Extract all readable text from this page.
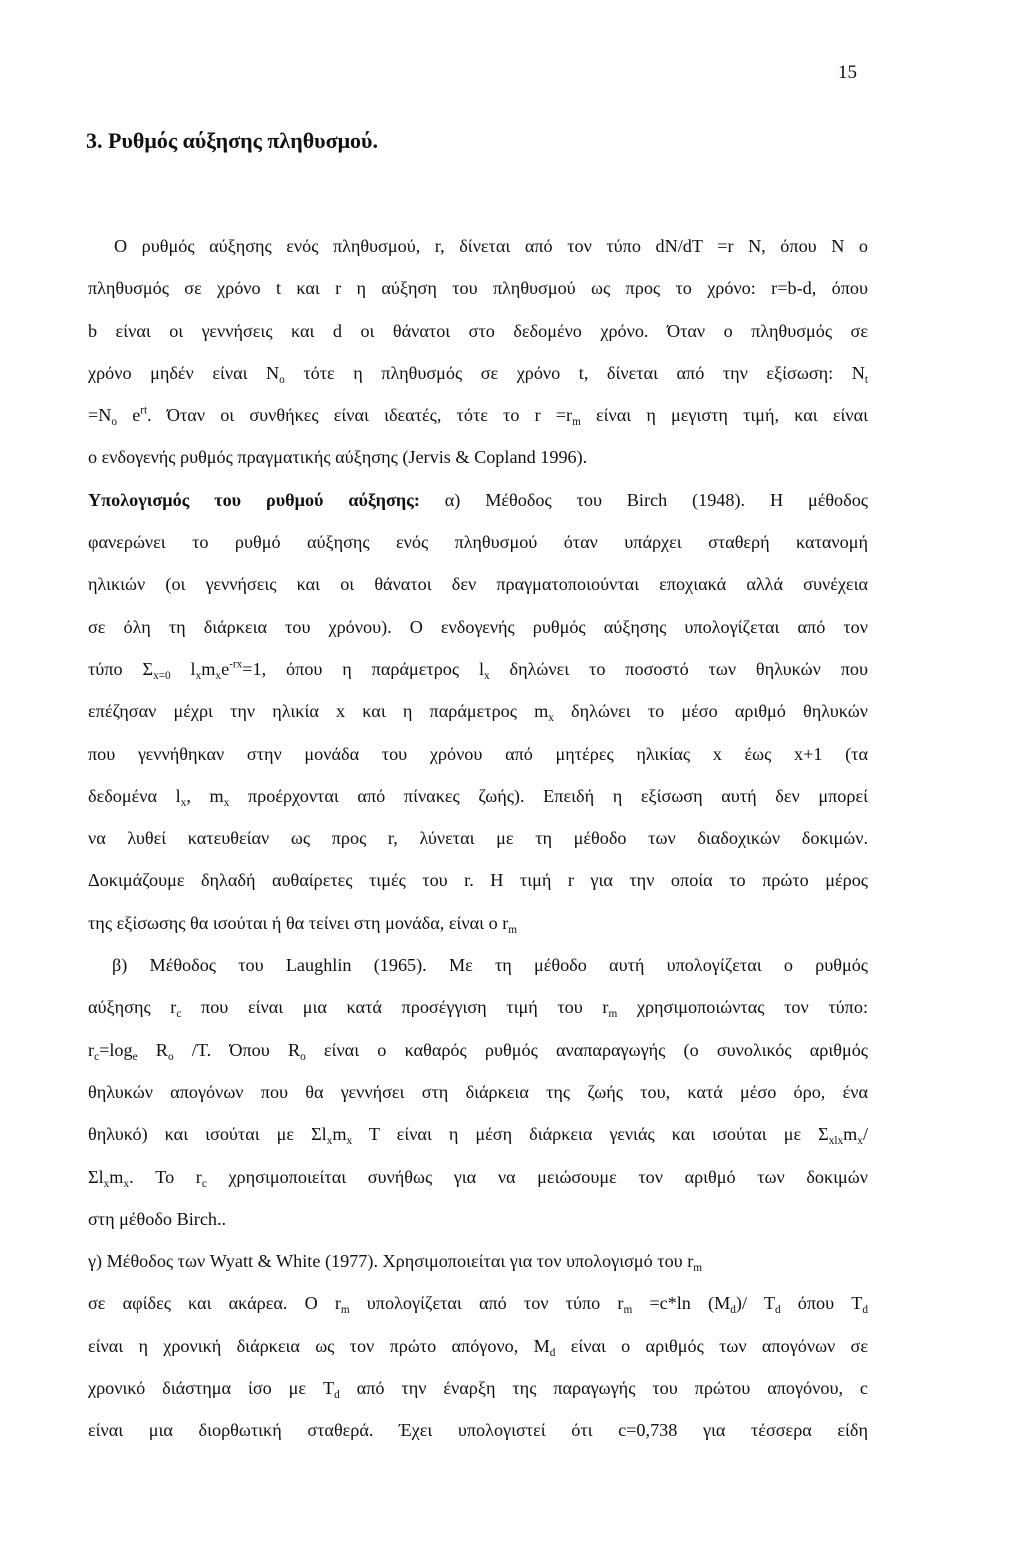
15
3. Ρυθμός αύξησης πληθυσμού.
Ο ρυθμός αύξησης ενός πληθυσμού, r, δίνεται από τον τύπο dN/dT =r N, όπου N ο
πληθυσμός σε χρόνο t και r η αύξηση του πληθυσμού ως προς το χρόνο: r=b-d, όπου
b είναι οι γεννήσεις και d οι θάνατοι στο δεδομένο χρόνο. Όταν ο πληθυσμός σε
χρόνο μηδέν είναι $N_o$ τότε η πληθυσμός σε χρόνο t, δίνεται από την εξίσωση: $N_t$
$=N_o$ $e^{rt}$. Όταν οι συνθήκες είναι ιδεατές, τότε το $r =r_m$ είναι η μεγιστη τιμή, και είναι
ο ενδογενής ρυθμός πραγματικής αύξησης (Jervis & Copland 1996).
Υπολογισμός του ρυθμού αύξησης: α) Μέθοδος του Birch (1948). Η μέθοδος
φανερώνει το ρυθμό αύξησης ενός πληθυσμού όταν υπάρχει σταθερή κατανομή
ηλικιών (οι γεννήσεις και οι θάνατοι δεν πραγματοποιούνται εποχιακά αλλά συνέχεια
σε όλη τη διάρκεια του χρόνου). Ο ενδογενής ρυθμός αύξησης υπολογίζεται από τον
τύπο $\Sigma_{x=0}$ $l_xm_xe^{-rx}=1$, όπου η παράμετρος $l_x$ δηλώνει το ποσοστό των θηλυκών που
επέζησαν μέχρι την ηλικία x και η παράμετρος $m_x$ δηλώνει το μέσο αριθμό θηλυκών
που γεννήθηκαν στην μονάδα του χρόνου από μητέρες ηλικίας x έως x+1 (τα
δεδομένα $l_x$, $m_x$ προέρχονται από πίνακες ζωής). Επειδή η εξίσωση αυτή δεν μπορεί
να λυθεί κατευθείαν ως προς r, λύνεται με τη μέθοδο των διαδοχικών δοκιμών.
Δοκιμάζουμε δηλαδή αυθαίρετες τιμές του r. Η τιμή r για την οποία το πρώτο μέρος
της εξίσωσης θα ισούται ή θα τείνει στη μονάδα, είναι ο $r_m$
β) Μέθοδος του Laughlin (1965). Με τη μέθοδο αυτή υπολογίζεται ο ρυθμός
αύξησης $r_c$ που είναι μια κατά προσέγγιση τιμή του $r_m$ χρησιμοποιώντας τον τύπο:
$r_c=\log_e$ $R_o$ /T. Όπου $R_o$ είναι ο καθαρός ρυθμός αναπαραγωγής (ο συνολικός αριθμός
θηλυκών απογόνων που θα γεννήσει στη διάρκεια της ζωής του, κατά μέσο όρο, ένα
θηλυκό) και ισούται με $\Sigma l_xm_x$ T είναι η μέση διάρκεια γενιάς και ισούται με $\Sigma_{xlx}m_x/$
$\Sigma l_xm_x$. Το $r_c$ χρησιμοποιείται συνήθως για να μειώσουμε τον αριθμό των δοκιμών
στη μέθοδο Birch..
γ) Μέθοδος των Wyatt & White (1977). Χρησιμοποιείται για τον υπολογισμό του $r_m$
σε αφίδες και ακάρεα. Ο $r_m$ υπολογίζεται από τον τύπο $r_m =c*\ln$ $(M_d)/$ $T_d$ όπου $T_d$
είναι η χρονική διάρκεια ως τον πρώτο απόγονο, $M_d$ είναι ο αριθμός των απογόνων σε
χρονικό διάστημα ίσο με $T_d$ από την έναρξη της παραγωγής του πρώτου απογόνου, c
είναι μια διορθωτική σταθερά. Έχει υπολογιστεί ότι c=0,738 για τέσσερα είδη
